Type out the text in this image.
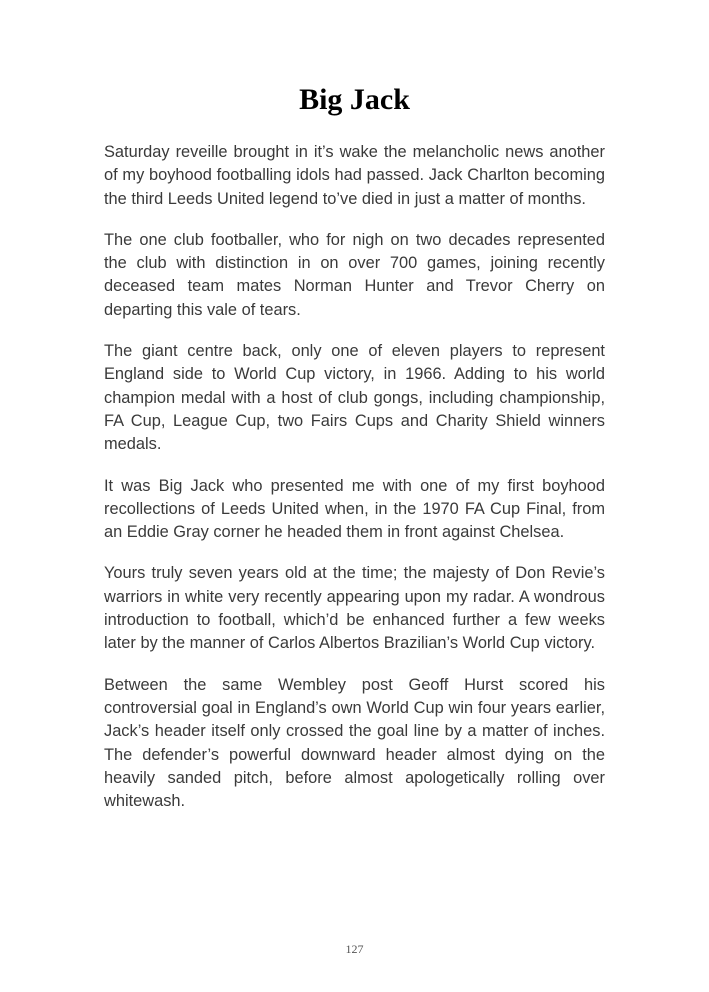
Big Jack

Saturday reveille brought in it’s wake the melancholic news another of my boyhood footballing idols had passed. Jack Charlton becoming the third Leeds United legend to’ve died in just a matter of months.

The one club footballer, who for nigh on two decades represented the club with distinction in on over 700 games, joining recently deceased team mates Norman Hunter and Trevor Cherry on departing this vale of tears.

The giant centre back, only one of eleven players to represent England side to World Cup victory, in 1966. Adding to his world champion medal with a host of club gongs, including championship, FA Cup, League Cup, two Fairs Cups and Charity Shield winners medals.

It was Big Jack who presented me with one of my first boyhood recollections of Leeds United when, in the 1970 FA Cup Final, from an Eddie Gray corner he headed them in front against Chelsea.

Yours truly seven years old at the time; the majesty of Don Revie’s warriors in white very recently appearing upon my radar. A wondrous introduction to football, which’d be enhanced further a few weeks later by the manner of Carlos Albertos Brazilian’s World Cup victory.

Between the same Wembley post Geoff Hurst scored his controversial goal in England’s own World Cup win four years earlier, Jack’s header itself only crossed the goal line by a matter of inches. The defender’s powerful downward header almost dying on the heavily sanded pitch, before almost apologetically rolling over whitewash.

127
